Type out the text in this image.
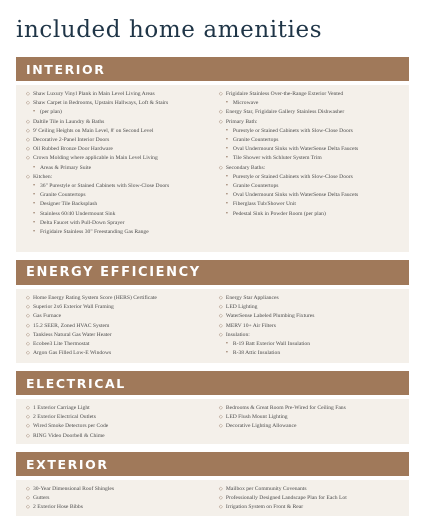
included home amenities
INTERIOR
◇ Shaw Luxury Vinyl Plank in Main Level Living Areas
◇ Shaw Carpet in Bedrooms, Upstairs Hallways, Loft & Stairs
• (per plan)
◇ Daltile Tile in Laundry & Baths
◇ 9' Ceiling Heights on Main Level, 8' on Second Level
◇ Decorative 2-Panel Interior Doors
◇ Oil Rubbed Bronze Door Hardware
◇ Crown Molding where applicable in Main Level Living
• Areas & Primary Suite
◇ Kitchen:
• 36" Purestyle or Stained Cabinets with Slow-Close Doors
• Granite Countertops
• Designer Tile Backsplash
• Stainless 60/40 Undermount Sink
• Delta Faucet with Pull-Down Sprayer
• Frigidaire Stainless 30" Freestanding Gas Range
◇ Frigidaire Stainless Over-the-Range Exterior Vented
• Microwave
◇ Energy Star, Frigidaire Gallery Stainless Dishwasher
◇ Primary Bath:
• Purestyle or Stained Cabinets with Slow-Close Doors
• Granite Countertops
• Oval Undermount Sinks with WaterSense Delta Faucets
• Tile Shower with Schluter System Trim
◇ Secondary Baths:
• Purestyle or Stained Cabinets with Slow-Close Doors
• Granite Countertops
• Oval Undermount Sinks with WaterSense Delta Faucets
• Fiberglass Tub/Shower Unit
• Pedestal Sink in Powder Room (per plan)
ENERGY EFFICIENCY
◇ Home Energy Rating System Score (HERS) Certificate
◇ Superior 2x6 Exterior Wall Framing
◇ Gas Furnace
◇ 15.2 SEER, Zoned HVAC System
◇ Tankless Natural Gas Water Heater
◇ Ecobee3 Lite Thermostat
◇ Argon Gas Filled Low-E Windows
◇ Energy Star Appliances
◇ LED Lighting
◇ WaterSense Labeled Plumbing Fixtures
◇ MERV 10+ Air Filters
◇ Insulation:
• R-19 Batt Exterior Wall Insulation
• R-38 Attic Insulation
ELECTRICAL
◇ 1 Exterior Carriage Light
◇ 2 Exterior Electrical Outlets
◇ Wired Smoke Detectors per Code
◇ RING Video Doorbell & Chime
◇ Bedrooms & Great Room Pre-Wired for Ceiling Fans
◇ LED Flush Mount Lighting
◇ Decorative Lighting Allowance
EXTERIOR
◇ 30-Year Dimensional Roof Shingles
◇ Gutters
◇ 2 Exterior Hose Bibbs
◇ Mailbox per Community Covenants
◇ Professionally Designed Landscape Plan for Each Lot
◇ Irrigation System on Front & Rear
